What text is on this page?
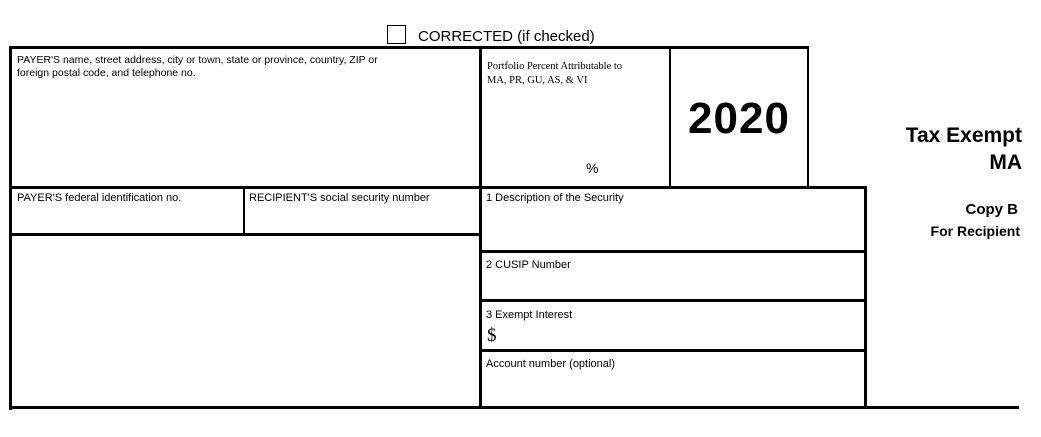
CORRECTED (if checked)
PAYER'S name, street address, city or town, state or province, country, ZIP or
foreign postal code, and telephone no.
Portfolio Percent Attributable to
MA, PR, GU, AS, & VI
%
2020	Tax Exempt
MA
Copy B
For Recipient
PAYER'S federal identification no.	RECIPIENT'S social security number	1 Description of the Security
2 CUSIP Number
3 Exempt Interest
$
Account number (optional)
